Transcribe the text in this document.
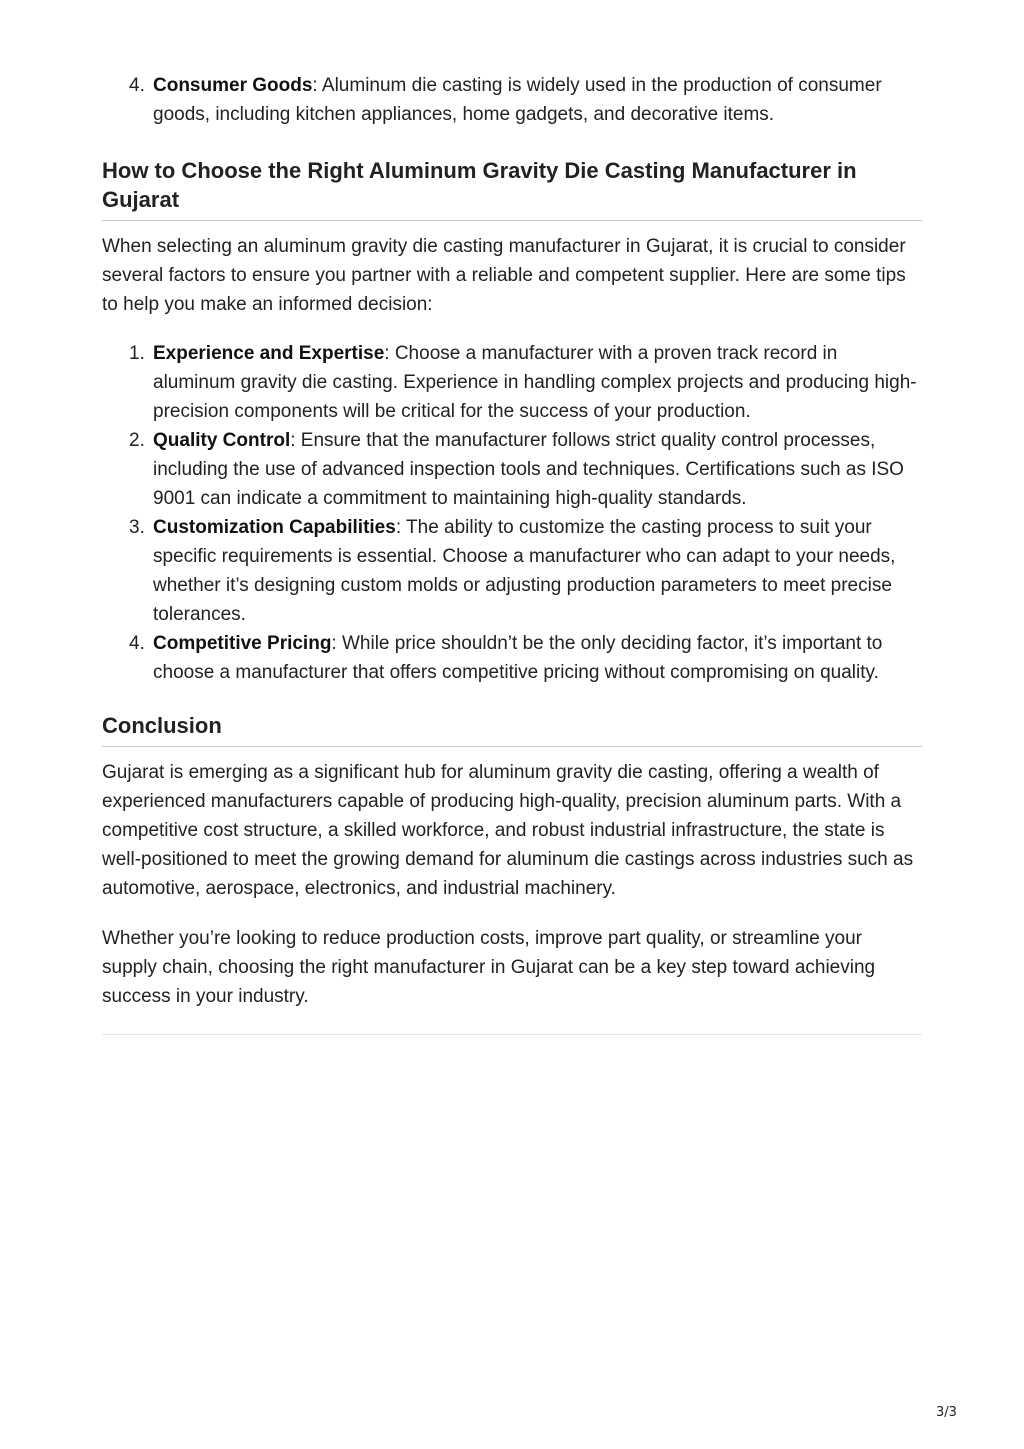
4. Consumer Goods: Aluminum die casting is widely used in the production of consumer goods, including kitchen appliances, home gadgets, and decorative items.
How to Choose the Right Aluminum Gravity Die Casting Manufacturer in Gujarat

When selecting an aluminum gravity die casting manufacturer in Gujarat, it is crucial to consider several factors to ensure you partner with a reliable and competent supplier. Here are some tips to help you make an informed decision:

1. Experience and Expertise: Choose a manufacturer with a proven track record in aluminum gravity die casting. Experience in handling complex projects and producing high-precision components will be critical for the success of your production.
2. Quality Control: Ensure that the manufacturer follows strict quality control processes, including the use of advanced inspection tools and techniques. Certifications such as ISO 9001 can indicate a commitment to maintaining high-quality standards.
3. Customization Capabilities: The ability to customize the casting process to suit your specific requirements is essential. Choose a manufacturer who can adapt to your needs, whether it’s designing custom molds or adjusting production parameters to meet precise tolerances.
4. Competitive Pricing: While price shouldn’t be the only deciding factor, it’s important to choose a manufacturer that offers competitive pricing without compromising on quality.
Conclusion

Gujarat is emerging as a significant hub for aluminum gravity die casting, offering a wealth of experienced manufacturers capable of producing high-quality, precision aluminum parts. With a competitive cost structure, a skilled workforce, and robust industrial infrastructure, the state is well-positioned to meet the growing demand for aluminum die castings across industries such as automotive, aerospace, electronics, and industrial machinery.

Whether you’re looking to reduce production costs, improve part quality, or streamline your supply chain, choosing the right manufacturer in Gujarat can be a key step toward achieving success in your industry.

3/3
